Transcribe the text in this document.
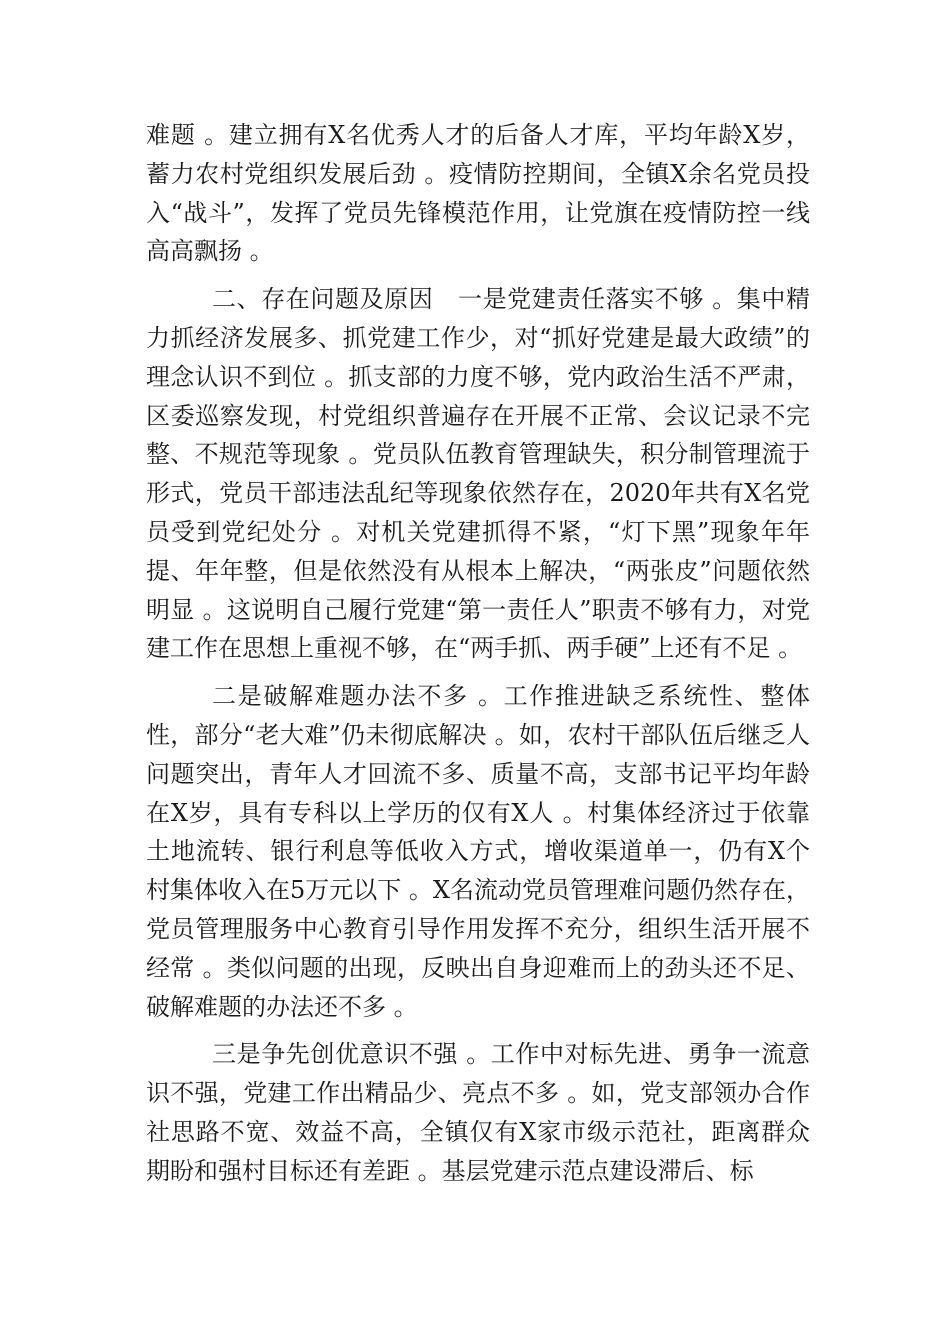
难题 。建立拥有X名优秀人才的后备人才库，平均年龄X岁，蓄力农村党组织发展后劲 。疫情防控期间，全镇X余名党员投入“战斗”，发挥了党员先锋模范作用，让党旗在疫情防控一线高高飘扬 。

二、存在问题及原因　一是党建责任落实不够 。集中精力抓经济发展多、抓党建工作少，对“抓好党建是最大政绩”的理念认识不到位 。抓支部的力度不够，党内政治生活不严肃，区委巡察发现，村党组织普遍存在开展不正常、会议记录不完整、不规范等现象 。党员队伍教育管理缺失，积分制管理流于形式，党员干部违法乱纪等现象依然存在，2020年共有X名党员受到党纪处分 。对机关党建抓得不紧，“灯下黑”现象年年提、年年整，但是依然没有从根本上解决，“两张皮”问题依然明显 。这说明自己履行党建“第一责任人”职责不够有力，对党建工作在思想上重视不够，在“两手抓、两手硬”上还有不足 。

二是破解难题办法不多 。工作推进缺乏系统性、整体性，部分“老大难”仍未彻底解决 。如，农村干部队伍后继乏人问题突出，青年人才回流不多、质量不高，支部书记平均年龄在X岁，具有专科以上学历的仅有X人 。村集体经济过于依靠土地流转、银行利息等低收入方式，增收渠道单一，仍有X个村集体收入在5万元以下 。X名流动党员管理难问题仍然存在，党员管理服务中心教育引导作用发挥不充分，组织生活开展不经常 。类似问题的出现，反映出自身迎难而上的劲头还不足、破解难题的办法还不多 。

三是争先创优意识不强 。工作中对标先进、勇争一流意识不强，党建工作出精品少、亮点不多 。如，党支部领办合作社思路不宽、效益不高，全镇仅有X家市级示范社，距离群众期盼和强村目标还有差距 。基层党建示范点建设滞后、标
